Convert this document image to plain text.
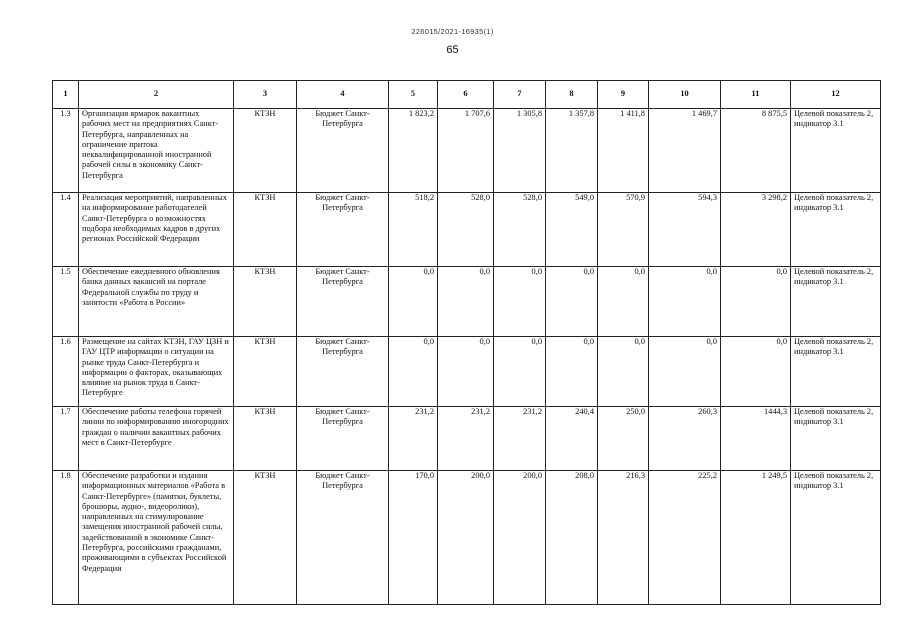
226015/2021-16935(1)
65
1	2	3	4	5	6	7	8	9	10	11	12
1.3	Организация ярмарок вакантных рабочих мест на предприятиях Санкт-Петербурга, направленных на ограничение притока неквалифицированной иностранной рабочей силы в экономику Санкт-Петербурга	КТЗН	Бюджет Санкт-Петербурга	1 823,2	1 707,6	1 305,8	1 357,8	1 411,8	1 469,7	8 875,5	Целевой показатель 2, индикатор 3.1
1.4	Реализация мероприятий, направленных на информирование работодателей Санкт-Петербурга о возможностях подбора необходимых кадров в других регионах Российской Федерации	КТЗН	Бюджет Санкт-Петербурга	518,2	528,0	528,0	549,0	570,9	594,3	3 298,2	Целевой показатель 2, индикатор 3.1
1.5	Обеспечение ежедневного обновления банка данных вакансий на портале Федеральной службы по труду и занятости «Работа в России»	КТЗН	Бюджет Санкт-Петербурга	0,0	0,0	0,0	0,0	0,0	0,0	0,0	Целевой показатель 2, индикатор 3.1
1.6	Размещение на сайтах КТЗН, ГАУ ЦЗН и ГАУ ЦТР информации о ситуации на рынке труда Санкт-Петербурга и информации о факторах, оказывающих влияние на рынок труда в Санкт-Петербурге	КТЗН	Бюджет Санкт-Петербурга	0,0	0,0	0,0	0,0	0,0	0,0	0,0	Целевой показатель 2, индикатор 3.1
1.7	Обеспечение работы телефона горячей линии по информированию иногородних граждан о наличии вакантных рабочих мест в Санкт-Петербурге	КТЗН	Бюджет Санкт-Петербурга	231,2	231,2	231,2	240,4	250,0	260,3	1444,3	Целевой показатель 2, индикатор 3.1
1.8	Обеспечение разработки и издания информационных материалов «Работа в Санкт-Петербурге» (памятки, буклеты, брошюры, аудио-, видеоролики), направленных на стимулирование замещения иностранной рабочей силы, задействованной в экономике Санкт-Петербурга, российскими гражданами, проживающими в субъектах Российской Федерации	КТЗН	Бюджет Санкт-Петербурга	170,0	200,0	200,0	208,0	216,3	225,2	1 249,5	Целевой показатель 2, индикатор 3.1
